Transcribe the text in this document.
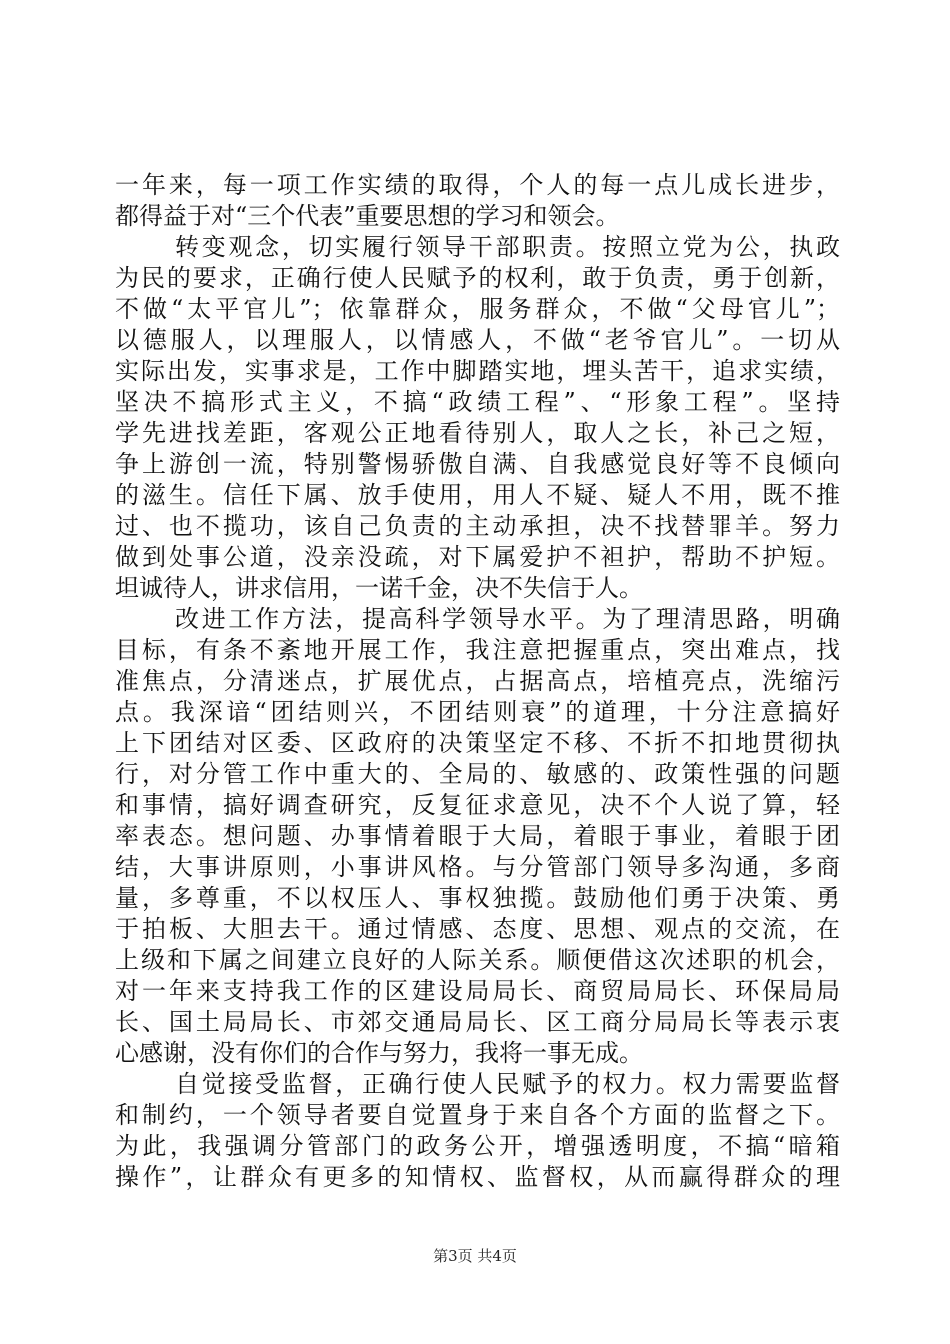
一年来，每一项工作实绩的取得，个人的每一点儿成长进步，
都得益于对“三个代表”重要思想的学习和领会。
转变观念，切实履行领导干部职责。按照立党为公，执政
为民的要求，正确行使人民赋予的权利，敢于负责，勇于创新，
不做“太平官儿”；依靠群众，服务群众，不做“父母官儿”；
以德服人，以理服人，以情感人，不做“老爷官儿”。一切从
实际出发，实事求是，工作中脚踏实地，埋头苦干，追求实绩，
坚决不搞形式主义，不搞“政绩工程”、“形象工程”。坚持
学先进找差距，客观公正地看待别人，取人之长，补己之短，
争上游创一流，特别警惕骄傲自满、自我感觉良好等不良倾向
的滋生。信任下属、放手使用，用人不疑、疑人不用，既不推
过、也不揽功，该自己负责的主动承担，决不找替罪羊。努力
做到处事公道，没亲没疏，对下属爱护不袒护，帮助不护短。
坦诚待人，讲求信用，一诺千金，决不失信于人。
改进工作方法，提高科学领导水平。为了理清思路，明确
目标，有条不紊地开展工作，我注意把握重点，突出难点，找
准焦点，分清迷点，扩展优点，占据高点，培植亮点，洗缩污
点。我深谙“团结则兴，不团结则衰”的道理，十分注意搞好
上下团结对区委、区政府的决策坚定不移、不折不扣地贯彻执
行，对分管工作中重大的、全局的、敏感的、政策性强的问题
和事情，搞好调查研究，反复征求意见，决不个人说了算，轻
率表态。想问题、办事情着眼于大局，着眼于事业，着眼于团
结，大事讲原则，小事讲风格。与分管部门领导多沟通，多商
量，多尊重，不以权压人、事权独揽。鼓励他们勇于决策、勇
于拍板、大胆去干。通过情感、态度、思想、观点的交流，在
上级和下属之间建立良好的人际关系。顺便借这次述职的机会，
对一年来支持我工作的区建设局局长、商贸局局长、环保局局
长、国土局局长、市郊交通局局长、区工商分局局长等表示衷
心感谢，没有你们的合作与努力，我将一事无成。
自觉接受监督，正确行使人民赋予的权力。权力需要监督
和制约，一个领导者要自觉置身于来自各个方面的监督之下。
为此，我强调分管部门的政务公开，增强透明度，不搞“暗箱
操作”，让群众有更多的知情权、监督权，从而赢得群众的理
第3页 共4页
